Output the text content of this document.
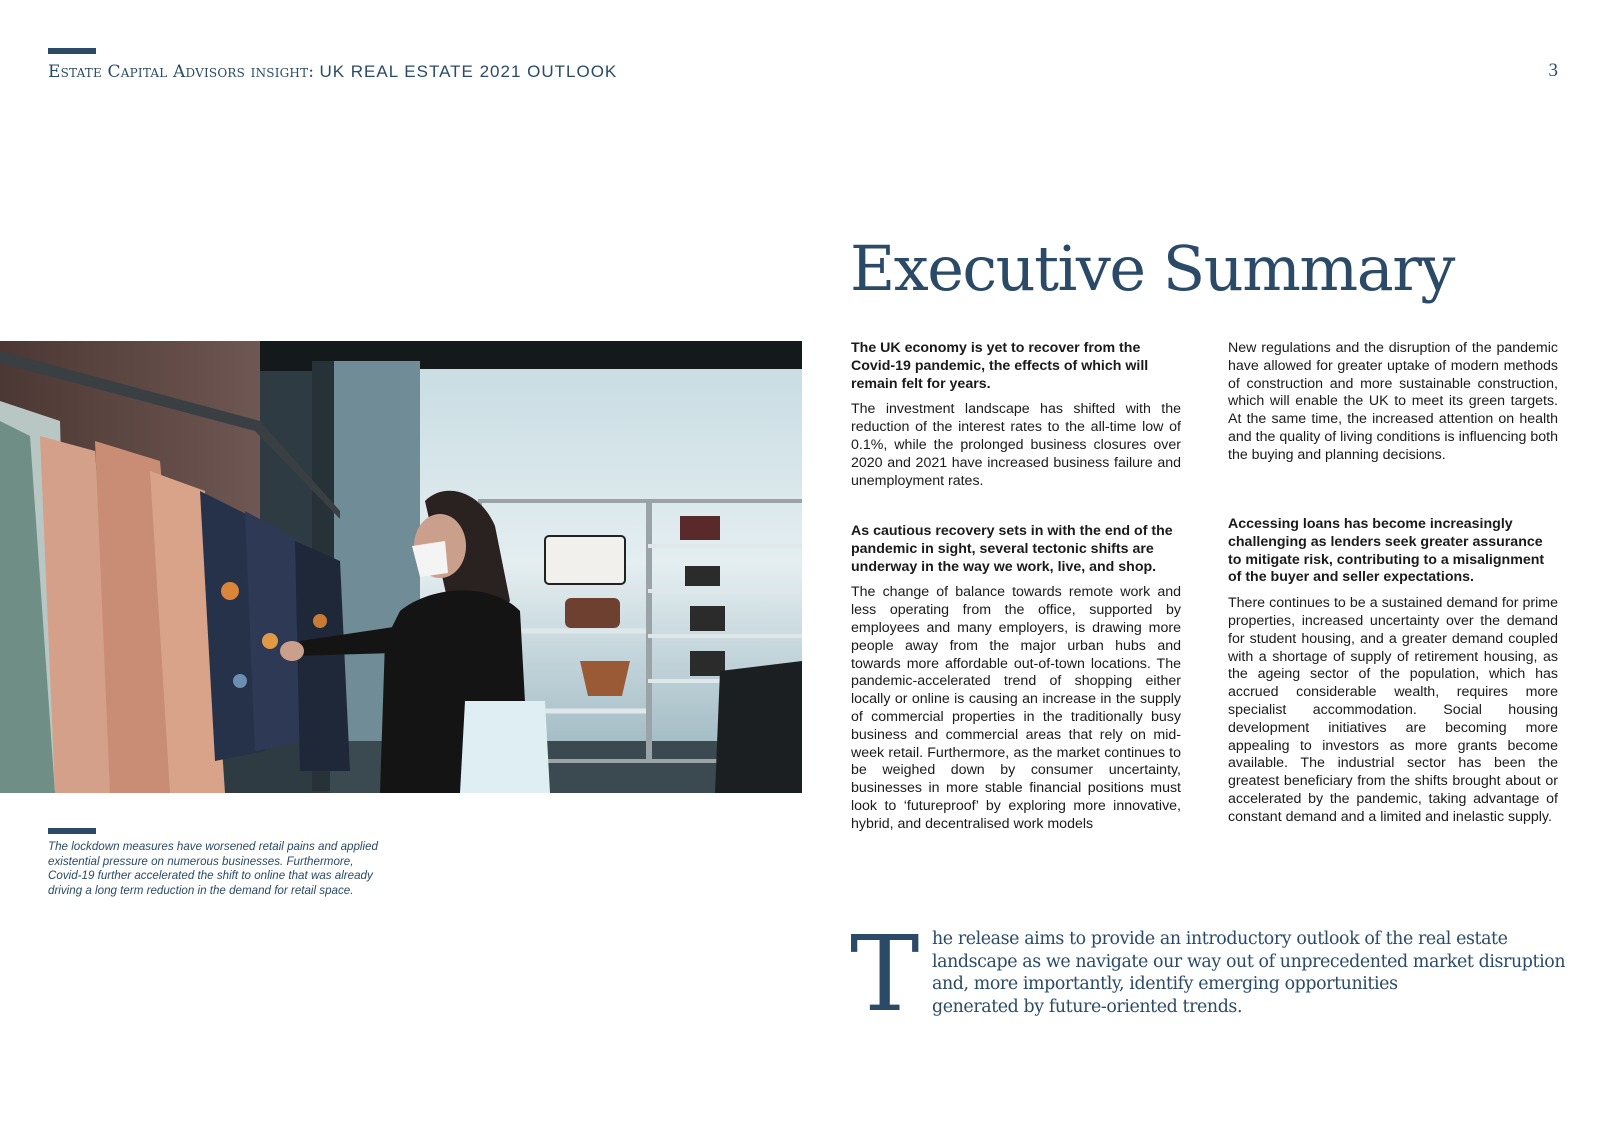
Estate Capital Advisors insight: UK REAL ESTATE 2021 OUTLOOK	3
The lockdown measures have worsened retail pains and applied existential pressure on numerous businesses. Furthermore, Covid-19 further accelerated the shift to online that was already driving a long term reduction in the demand for retail space.
Executive Summary

The UK economy is yet to recover from the Covid-19 pandemic, the effects of which will remain felt for years.

The investment landscape has shifted with the reduction of the interest rates to the all-time low of 0.1%, while the prolonged business closures over 2020 and 2021 have increased business failure and unemployment rates.

As cautious recovery sets in with the end of the pandemic in sight, several tectonic shifts are underway in the way we work, live, and shop.

The change of balance towards remote work and less operating from the office, supported by employees and many employers, is drawing more people away from the major urban hubs and towards more affordable out-of-town locations. The pandemic-accelerated trend of shopping either locally or online is causing an increase in the supply of commercial properties in the traditionally busy business and commercial areas that rely on mid-week retail. Furthermore, as the market continues to be weighed down by consumer uncertainty, businesses in more stable financial positions must look to ‘futureproof’ by exploring more innovative, hybrid, and decentralised work models

New regulations and the disruption of the pandemic have allowed for greater uptake of modern methods of construction and more sustainable construction, which will enable the UK to meet its green targets. At the same time, the increased attention on health and the quality of living conditions is influencing both the buying and planning decisions.

Accessing loans has become increasingly challenging as lenders seek greater assurance to mitigate risk, contributing to a misalignment of the buyer and seller expectations.

There continues to be a sustained demand for prime properties, increased uncertainty over the demand for student housing, and a greater demand coupled with a shortage of supply of retirement housing, as the ageing sector of the population, which has accrued considerable wealth, requires more specialist accommodation. Social housing development initiatives are becoming more appealing to investors as more grants become available. The industrial sector has been the greatest beneficiary from the shifts brought about or accelerated by the pandemic, taking advantage of constant demand and a limited and inelastic supply.

T he release aims to provide an introductory outlook of the real estate
landscape as we navigate our way out of unprecedented market disruption
and, more importantly, identify emerging opportunities
generated by future-oriented trends.
